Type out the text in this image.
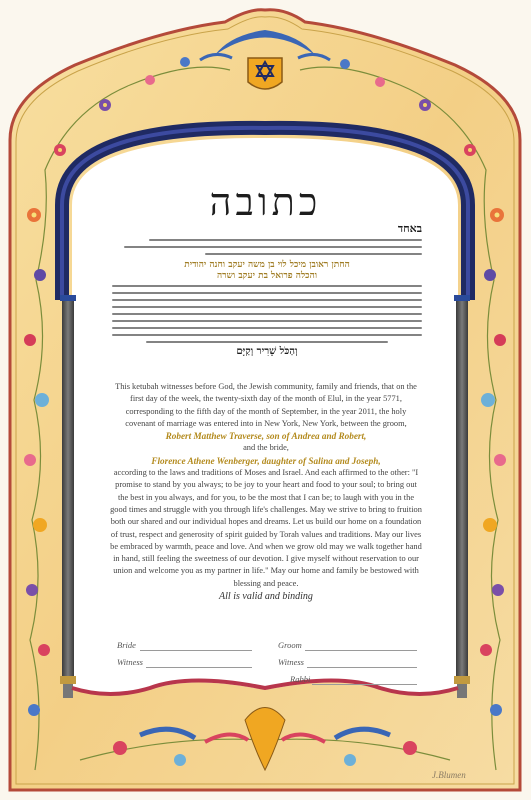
כתובה
באחד
החתן ראובן מיכל לוי בן משה יעקב וחנה יהודית
והכלה פרואל בת יעקב ושרה
וְהַכֹּל שָׁרִיר וְקַיָּם

This ketubah witnesses before God, the Jewish community, family and friends, that on the first day of the week, the twenty-sixth day of the month of Elul, in the year 5771, corresponding to the fifth day of the month of September, in the year 2011, the holy covenant of marriage was entered into in New York, New York, between the groom,

Robert Matthew Traverse, son of Andrea and Robert,

and the bride,

Florence Athene Wenberger, daughter of Salina and Joseph,

according to the laws and traditions of Moses and Israel. And each affirmed to the other: "I promise to stand by you always; to be joy to your heart and food to your soul; to bring out the best in you always, and for you, to be the most that I can be; to laugh with you in the good times and struggle with you through life's challenges. May we strive to bring to fruition both our shared and our individual hopes and dreams. Let us build our home on a foundation of trust, respect and generosity of spirit guided by Torah values and traditions. May our lives be embraced by warmth, peace and love. And when we grow old may we walk together hand in hand, still feeling the sweetness of our devotion. I give myself without reservation to our union and welcome you as my partner in life." May our home and family be bestowed with blessing and peace.

All is valid and binding

Bride	Groom
Witness	Witness
Rabbi
J.Blumen
